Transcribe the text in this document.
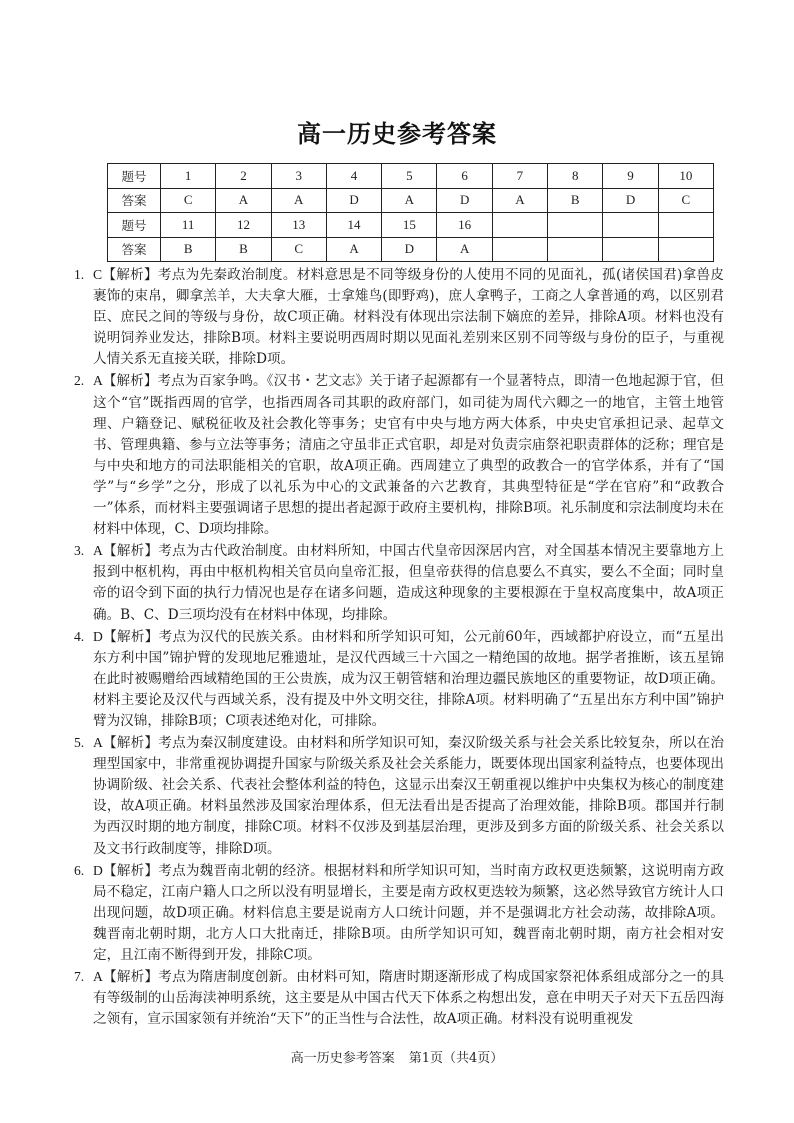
高一历史参考答案
题号	1	2	3	4	5	6	7	8	9	10
答案	C	A	A	D	A	D	A	B	D	C
题号	11	12	13	14	15	16				
答案	B	B	C	A	D	A				
1. C【解析】考点为先秦政治制度。材料意思是不同等级身份的人使用不同的见面礼，孤(诸侯国君)拿兽皮裹饰的束帛，卿拿羔羊，大夫拿大雁，士拿雉鸟(即野鸡)，庶人拿鸭子，工商之人拿普通的鸡，以区别君臣、庶民之间的等级与身份，故C项正确。材料没有体现出宗法制下嫡庶的差异，排除A项。材料也没有说明饲养业发达，排除B项。材料主要说明西周时期以见面礼差别来区别不同等级与身份的臣子，与重视人情关系无直接关联，排除D项。
2. A【解析】考点为百家争鸣。《汉书・艺文志》关于诸子起源都有一个显著特点，即清一色地起源于官，但这个“官”既指西周的官学，也指西周各司其职的政府部门，如司徒为周代六卿之一的地官，主管土地管理、户籍登记、赋税征收及社会教化等事务；史官有中央与地方两大体系，中央史官承担记录、起草文书、管理典籍、参与立法等事务；清庙之守虽非正式官职，却是对负责宗庙祭祀职责群体的泛称；理官是与中央和地方的司法职能相关的官职，故A项正确。西周建立了典型的政教合一的官学体系，并有了“国学”与“乡学”之分，形成了以礼乐为中心的文武兼备的六艺教育，其典型特征是“学在官府”和“政教合一”体系，而材料主要强调诸子思想的提出者起源于政府主要机构，排除B项。礼乐制度和宗法制度均未在材料中体现，C、D项均排除。
3. A【解析】考点为古代政治制度。由材料所知，中国古代皇帝因深居内宫，对全国基本情况主要靠地方上报到中枢机构，再由中枢机构相关官员向皇帝汇报，但皇帝获得的信息要么不真实，要么不全面；同时皇帝的诏令到下面的执行力情况也是存在诸多问题，造成这种现象的主要根源在于皇权高度集中，故A项正确。B、C、D三项均没有在材料中体现，均排除。
4. D【解析】考点为汉代的民族关系。由材料和所学知识可知，公元前60年，西域都护府设立，而“五星出东方利中国”锦护臂的发现地尼雅遗址，是汉代西域三十六国之一精绝国的故地。据学者推断，该五星锦在此时被赐赠给西域精绝国的王公贵族，成为汉王朝管辖和治理边疆民族地区的重要物证，故D项正确。材料主要论及汉代与西域关系，没有提及中外文明交往，排除A项。材料明确了“五星出东方利中国”锦护臂为汉锦，排除B项；C项表述绝对化，可排除。
5. A【解析】考点为秦汉制度建设。由材料和所学知识可知，秦汉阶级关系与社会关系比较复杂，所以在治理型国家中，非常重视协调提升国家与阶级关系及社会关系能力，既要体现出国家利益特点，也要体现出协调阶级、社会关系、代表社会整体利益的特色，这显示出秦汉王朝重视以维护中央集权为核心的制度建设，故A项正确。材料虽然涉及国家治理体系，但无法看出是否提高了治理效能，排除B项。郡国并行制为西汉时期的地方制度，排除C项。材料不仅涉及到基层治理，更涉及到多方面的阶级关系、社会关系以及文书行政制度等，排除D项。
6. D【解析】考点为魏晋南北朝的经济。根据材料和所学知识可知，当时南方政权更迭频繁，这说明南方政局不稳定，江南户籍人口之所以没有明显增长，主要是南方政权更迭较为频繁，这必然导致官方统计人口出现问题，故D项正确。材料信息主要是说南方人口统计问题，并不是强调北方社会动荡，故排除A项。魏晋南北朝时期，北方人口大批南迁，排除B项。由所学知识可知，魏晋南北朝时期，南方社会相对安定，且江南不断得到开发，排除C项。
7. A【解析】考点为隋唐制度创新。由材料可知，隋唐时期逐渐形成了构成国家祭祀体系组成部分之一的具有等级制的山岳海渎神明系统，这主要是从中国古代天下体系之构想出发，意在申明天子对天下五岳四海之领有，宣示国家领有并统治“天下”的正当性与合法性，故A项正确。材料没有说明重视发
高一历史参考答案 第1页（共4页）
